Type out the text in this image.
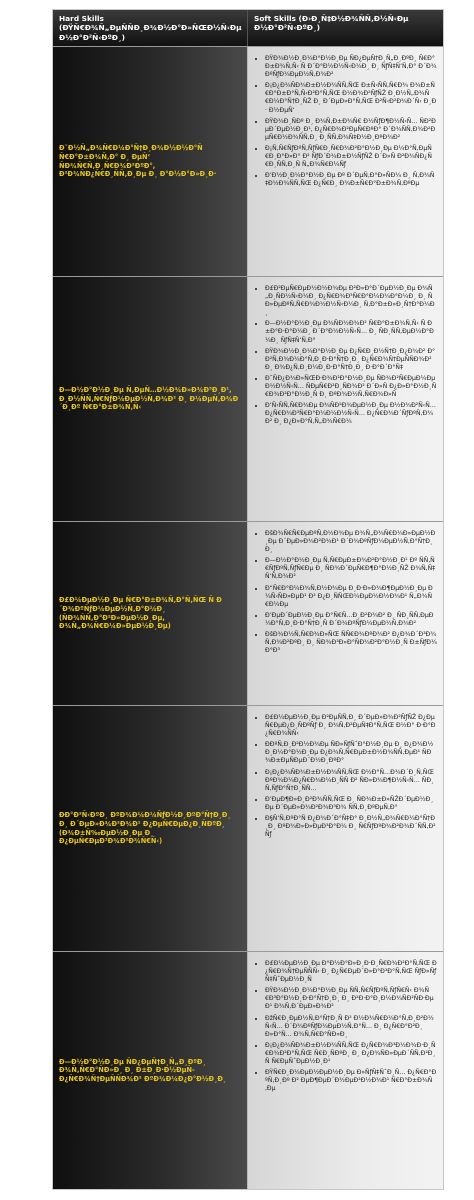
Hard Skills
(ÐŸÑ€Ð¾Ñ„ÐµÑÑÐ¸Ð¾Ð½Ð°Ð»ÑŒÐ½Ñ‹Ðµ Ð½Ð°Ð²Ñ‹ÐºÐ¸)
Soft Skills (Ð›Ð¸Ñ‡Ð½Ð¾ÑÑ‚Ð½Ñ‹Ðµ Ð½Ð°Ð²Ñ‹ÐºÐ¸)
Ð˜Ð½Ñ„Ð¾Ñ€Ð¼Ð°Ñ†Ð¸Ð¾Ð½Ð½Ð°Ñ Ñ€Ð°Ð±Ð¾Ñ‚Ð° Ð¸ ÐµÑ‘ ÑÐ¾Ñ€Ñ‚Ð¸Ñ€Ð¾Ð²ÐºÐ°, Ð²Ð¾ÑÐ¿Ñ€Ð¸ÑÑ‚Ð¸Ðµ Ð¸ Ð°Ð½Ð°Ð»Ð¸Ð·
• ÐŸÐ¾Ð½Ð¸Ð¼Ð°Ð½Ð¸Ðµ ÑÐ¿ÐµÑ†Ð¸Ñ„Ð¸ÐºÐ¸ Ñ€Ð°Ð±Ð¾Ñ‚Ñ‹ Ñ Ð´Ð°Ð½Ð½Ñ‹Ð¼Ð¸ Ð¸ ÑƒÑ‡Ñ‘Ñ‚Ð° Ð´Ð¾ÐºÑƒÐ¼ÐµÐ½Ñ‚Ð¾Ð²
• Ð¡Ð¿Ð¾ÑÐ¾Ð±Ð½Ð¾ÑÑ‚ÑŒ Ð±Ñ‹ÑÑ‚Ñ€Ð¾ Ð¾Ð±Ñ€Ð°Ð±Ð°Ñ‚Ñ‹Ð²Ð°Ñ‚ÑŒ Ð½Ð¾Ð²ÑƒÑŽ Ð¸Ð½Ñ„Ð¾Ñ€Ð¼Ð°Ñ†Ð¸ÑŽ Ð¸ Ð´ÐµÐ»Ð°Ñ‚ÑŒ Ð²Ñ‹Ð²Ð¾Ð´Ñ‹ Ð¸Ð· Ð½ÐµÑ‘
• ÐŸÐ¾Ð¸ÑÐº Ð¸ Ð¾Ñ‚Ð±Ð¾Ñ€ Ð½ÑƒÐ¶Ð½Ñ‹Ñ… ÑÐ²ÐµÐ´ÐµÐ½Ð¸Ð¹, Ð¿Ñ€Ð¾Ð²ÐµÑ€ÐºÐ° Ð´Ð¾ÑÑ‚Ð¾Ð²ÐµÑ€Ð½Ð¾ÑÑ‚Ð¸ Ð¸ÑÑ‚Ð¾Ñ‡Ð½Ð¸ÐºÐ¾Ð²
• Ð¡Ñ‚Ñ€ÑƒÐºÑ‚ÑƒÑ€Ð¸Ñ€Ð¾Ð²Ð°Ð½Ð¸Ðµ Ð¼Ð°Ñ‚ÐµÑ€Ð¸Ð°Ð»Ð° Ð² ÑƒÐ´Ð¾Ð±Ð½ÑƒÑŽ Ð´Ð»Ñ Ð²Ð¾ÑÐ¿Ñ€Ð¸ÑÑ‚Ð¸Ñ Ñ„Ð¾Ñ€Ð¼Ñƒ
• Ð’Ð½Ð¸Ð¼Ð°Ð½Ð¸Ðµ Ðº Ð´ÐµÑ‚Ð°Ð»ÑÐ¼ Ð¸ Ñ‚Ð¾Ñ‡Ð½Ð¾ÑÑ‚ÑŒ Ð¿Ñ€Ð¸ Ð¾Ð±Ñ€Ð°Ð±Ð¾Ñ‚ÐºÐµ
Ð—Ð½Ð°Ð½Ð¸Ðµ Ñ‚ÐµÑ…Ð½Ð¾Ð»Ð¾Ð³Ð¸Ð¹, Ð¸Ð½ÑÑ‚Ñ€ÑƒÐ¼ÐµÐ½Ñ‚Ð¾Ð² Ð¸ Ð¼ÐµÑ‚Ð¾Ð´Ð¸Ðº Ñ€Ð°Ð±Ð¾Ñ‚Ñ‹
• Ð£Ð²ÐµÑ€ÐµÐ½Ð½Ð¾Ðµ Ð²Ð»Ð°Ð´ÐµÐ½Ð¸Ðµ Ð¾Ñ„Ð¸ÑÐ½Ñ‹Ð¼Ð¸ Ð¿Ñ€Ð¾Ð³Ñ€Ð°Ð¼Ð¼Ð°Ð¼Ð¸ Ð¸ ÑÐ»ÐµÐºÑ‚Ñ€Ð¾Ð½Ð½Ñ‹Ð¼Ð¸ Ñ‚Ð°Ð±Ð»Ð¸Ñ†Ð°Ð¼Ð¸
• Ð—Ð½Ð°Ð½Ð¸Ðµ Ð¾ÑÐ½Ð¾Ð² Ñ€Ð°Ð±Ð¾Ñ‚Ñ‹ Ñ Ð±Ð°Ð·Ð°Ð¼Ð¸ Ð´Ð°Ð½Ð½Ñ‹Ñ… Ð¸ ÑÐ¸ÑÑ‚ÐµÐ¼Ð°Ð¼Ð¸ ÑƒÑ‡Ñ‘Ñ‚Ð°
• ÐŸÐ¾Ð½Ð¸Ð¼Ð°Ð½Ð¸Ðµ Ð¿Ñ€Ð¸Ð½Ñ†Ð¸Ð¿Ð¾Ð² Ð°Ð²Ñ‚Ð¾Ð¼Ð°Ñ‚Ð¸Ð·Ð°Ñ†Ð¸Ð¸ Ð¿Ñ€Ð¾Ñ†ÐµÑÑÐ¾Ð² Ð¸ Ð¾Ð¿Ñ‚Ð¸Ð¼Ð¸Ð·Ð°Ñ†Ð¸Ð¸ Ð·Ð°Ð´Ð°Ñ‡
• Ð˜ÑÐ¿Ð¾Ð»ÑŒÐ·Ð¾Ð²Ð°Ð½Ð¸Ðµ ÑÐ¾Ð²Ñ€ÐµÐ¼ÐµÐ½Ð½Ñ‹Ñ… ÑÐµÑ€Ð²Ð¸ÑÐ¾Ð² Ð´Ð»Ñ Ð¿Ð»Ð°Ð½Ð¸Ñ€Ð¾Ð²Ð°Ð½Ð¸Ñ Ð¸ ÐºÐ¾Ð½Ñ‚Ñ€Ð¾Ð»Ñ
• Ð‘Ñ‹ÑÑ‚Ñ€Ð¾Ðµ Ð¾ÑÐ²Ð¾ÐµÐ½Ð¸Ðµ Ð½Ð¾Ð²Ñ‹Ñ… Ð¿Ñ€Ð¾Ð³Ñ€Ð°Ð¼Ð¼Ð½Ñ‹Ñ… Ð¿Ñ€Ð¾Ð´ÑƒÐºÑ‚Ð¾Ð² Ð¸ Ð¿Ð»Ð°Ñ‚Ñ„Ð¾Ñ€Ð¼
Ð£Ð¼ÐµÐ½Ð¸Ðµ Ñ€Ð°Ð±Ð¾Ñ‚Ð°Ñ‚ÑŒ Ñ Ð´Ð¾ÐºÑƒÐ¼ÐµÐ½Ñ‚Ð°Ð¼Ð¸ (ÑÐ¾ÑÑ‚Ð°Ð²Ð»ÐµÐ½Ð¸Ðµ, Ð¾Ñ„Ð¾Ñ€Ð¼Ð»ÐµÐ½Ð¸Ðµ)
• ÐšÐ¾Ñ€Ñ€ÐµÐºÑ‚Ð½Ð¾Ðµ Ð¾Ñ„Ð¾Ñ€Ð¼Ð»ÐµÐ½Ð¸Ðµ Ð´ÐµÐ»Ð¾Ð²Ð¾Ð¹ Ð´Ð¾ÐºÑƒÐ¼ÐµÐ½Ñ‚Ð°Ñ†Ð¸Ð¸
• Ð—Ð½Ð°Ð½Ð¸Ðµ Ñ‚Ñ€ÐµÐ±Ð¾Ð²Ð°Ð½Ð¸Ð¹ Ðº ÑÑ‚Ñ€ÑƒÐºÑ‚ÑƒÑ€Ðµ Ð¸ ÑÐ¾Ð´ÐµÑ€Ð¶Ð°Ð½Ð¸ÑŽ Ð¾Ñ‚Ñ‡Ñ‘Ñ‚Ð¾Ð²
• Ð“Ñ€Ð°Ð¼Ð¾Ñ‚Ð½Ð¾Ðµ Ð¸Ð·Ð»Ð¾Ð¶ÐµÐ½Ð¸Ðµ Ð¼Ñ‹ÑÐ»ÐµÐ¹ Ð² Ð¿Ð¸ÑÑŒÐ¼ÐµÐ½Ð½Ð¾Ð¹ Ñ„Ð¾Ñ€Ð¼Ðµ
• Ð’ÐµÐ´ÐµÐ½Ð¸Ðµ Ð°Ñ€Ñ…Ð¸Ð²Ð¾Ð² Ð¸ ÑÐ¸ÑÑ‚ÐµÐ¼Ð°Ñ‚Ð¸Ð·Ð°Ñ†Ð¸Ñ Ð´Ð¾ÐºÑƒÐ¼ÐµÐ½Ñ‚Ð¾Ð²
• ÐšÐ¾Ð½Ñ‚Ñ€Ð¾Ð»ÑŒ ÑÑ€Ð¾ÐºÐ¾Ð² Ð¿Ð¾Ð´Ð³Ð¾Ñ‚Ð¾Ð²ÐºÐ¸ Ð¸ ÑÐ¾Ð³Ð»Ð°ÑÐ¾Ð²Ð°Ð½Ð¸Ñ Ð±ÑƒÐ¼Ð°Ð³
ÐÐ°Ð²Ñ‹ÐºÐ¸ ÐºÐ¾Ð¼Ð¼ÑƒÐ½Ð¸ÐºÐ°Ñ†Ð¸Ð¸ Ð¸ Ð´ÐµÐ»Ð¾Ð²Ð¾Ð¹ Ð¿ÐµÑ€ÐµÐ¿Ð¸ÑÐºÐ¸ (Ð¾Ð±Ñ‰ÐµÐ½Ð¸Ðµ Ð¸ Ð¿ÐµÑ€ÐµÐ³Ð¾Ð²Ð¾Ñ€Ñ‹)
• Ð£Ð¼ÐµÐ½Ð¸Ðµ Ð²ÐµÑÑ‚Ð¸ Ð´ÐµÐ»Ð¾Ð²ÑƒÑŽ Ð¿ÐµÑ€ÐµÐ¿Ð¸ÑÐºÑƒ Ð¸ Ð¾Ñ‚Ð²ÐµÑ‡Ð°Ñ‚ÑŒ Ð½Ð° Ð·Ð°Ð¿Ñ€Ð¾ÑÑ‹
• ÐÐºÑ‚Ð¸Ð²Ð½Ð¾Ðµ ÑÐ»ÑƒÑˆÐ°Ð½Ð¸Ðµ Ð¸ Ð¿Ð¾Ð½Ð¸Ð¼Ð°Ð½Ð¸Ðµ Ð¿Ð¾Ñ‚Ñ€ÐµÐ±Ð½Ð¾ÑÑ‚ÐµÐ¹ ÑÐ¾Ð±ÐµÑÐµÐ´Ð½Ð¸ÐºÐ°
• Ð¡Ð¿Ð¾ÑÐ¾Ð±Ð½Ð¾ÑÑ‚ÑŒ Ð½Ð°Ñ…Ð¾Ð´Ð¸Ñ‚ÑŒ ÐºÐ¾Ð¼Ð¿Ñ€Ð¾Ð¼Ð¸ÑÑ Ð² ÑÐ»Ð¾Ð¶Ð½Ñ‹Ñ… ÑÐ¸Ñ‚ÑƒÐ°Ñ†Ð¸ÑÑ…
• Ð’ÐµÐ¶Ð»Ð¸Ð²Ð¾ÑÑ‚ÑŒ Ð¸ ÑÐ¾Ð±Ð»ÑŽÐ´ÐµÐ½Ð¸Ðµ Ð´ÐµÐ»Ð¾Ð²Ð¾Ð³Ð¾ ÑÑ‚Ð¸ÐºÐµÑ‚Ð°
• Ð§Ñ‘Ñ‚ÐºÐ°Ñ Ð¿Ð¾Ð´Ð°Ñ‡Ð° Ð¸Ð½Ñ„Ð¾Ñ€Ð¼Ð°Ñ†Ð¸Ð¸ ÐºÐ¾Ð»Ð»ÐµÐ³Ð°Ð¼ Ð¸ Ñ€ÑƒÐºÐ¾Ð²Ð¾Ð´ÑÑ‚Ð²Ñƒ
Ð—Ð½Ð°Ð½Ð¸Ðµ ÑÐ¿ÐµÑ†Ð¸Ñ„Ð¸ÐºÐ¸ Ð¾Ñ‚Ñ€Ð°ÑÐ»Ð¸ Ð¸ Ð±Ð¸Ð·Ð½ÐµÑ-Ð¿Ñ€Ð¾Ñ†ÐµÑÑÐ¾Ð² ÐºÐ¾Ð¼Ð¿Ð°Ð½Ð¸Ð¸
• Ð£Ð¼ÐµÐ½Ð¸Ðµ Ð°Ð½Ð°Ð»Ð¸Ð·Ð¸Ñ€Ð¾Ð²Ð°Ñ‚ÑŒ Ð¿Ñ€Ð¾Ñ†ÐµÑÑÑ‹ Ð¸ Ð¿Ñ€ÐµÐ´Ð»Ð°Ð³Ð°Ñ‚ÑŒ ÑƒÐ»ÑƒÑ‡ÑˆÐµÐ½Ð¸Ñ
• ÐŸÐ¾Ð½Ð¸Ð¼Ð°Ð½Ð¸Ðµ ÑÑ‚Ñ€ÑƒÐºÑ‚ÑƒÑ€Ñ‹ Ð¾Ñ€Ð³Ð°Ð½Ð¸Ð·Ð°Ñ†Ð¸Ð¸ Ð¸ Ð²Ð·Ð°Ð¸Ð¼Ð¾ÑÐ²ÑÐ·ÐµÐ¹ Ð¾Ñ‚Ð´ÐµÐ»Ð¾Ð²
• ÐžÑ€Ð¸ÐµÐ½Ñ‚Ð°Ñ†Ð¸Ñ Ð² Ð½Ð¾Ñ€Ð¼Ð°Ñ‚Ð¸Ð²Ð½Ñ‹Ñ… Ð´Ð¾ÐºÑƒÐ¼ÐµÐ½Ñ‚Ð°Ñ… Ð¸ Ð¿Ñ€Ð°Ð²Ð¸Ð»Ð°Ñ… Ð¾Ñ‚Ñ€Ð°ÑÐ»Ð¸
• Ð¡Ð¿Ð¾ÑÐ¾Ð±Ð½Ð¾ÑÑ‚ÑŒ Ð¿Ñ€Ð¾Ð³Ð½Ð¾Ð·Ð¸Ñ€Ð¾Ð²Ð°Ñ‚ÑŒ Ñ€Ð¸ÑÐºÐ¸ Ð¸ Ð¿Ð¾ÑÐ»ÐµÐ´ÑÑ‚Ð²Ð¸Ñ Ñ€ÐµÑˆÐµÐ½Ð¸Ð¹
• ÐŸÑ€Ð¸Ð¼ÐµÐ½ÐµÐ½Ð¸Ðµ Ð»ÑƒÑ‡ÑˆÐ¸Ñ… Ð¿Ñ€Ð°ÐºÑ‚Ð¸Ðº Ð² ÐµÐ¶ÐµÐ´Ð½ÐµÐ²Ð½Ð¾Ð¹ Ñ€Ð°Ð±Ð¾Ñ‚Ðµ
